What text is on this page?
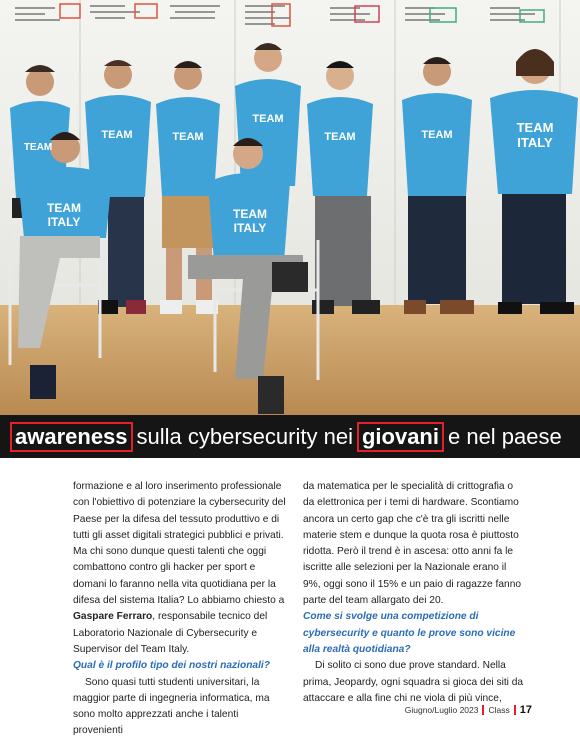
TEAM
TEAM	TEAM
TEAM
TEAM	TEAM	TEAM
ITALY
TEAM
ITALY
TEAM
ITALY
awareness sulla cybersecurity nei giovani e nel paese

formazione e al loro inserimento professionale con l'obiettivo di potenziare la cybersecurity del Paese per la difesa del tessuto produttivo e di tutti gli asset digitali strategici pubblici e privati. Ma chi sono dunque questi talenti che oggi combattono contro gli hacker per sport e domani lo faranno nella vita quotidiana per la difesa del sistema Italia? Lo abbiamo chiesto a Gaspare Ferraro, responsabile tecnico del Laboratorio Nazionale di Cybersecurity e Supervisor del Team Italy.

Qual è il profilo tipo dei nostri nazionali?

Sono quasi tutti studenti universitari, la maggior parte di ingegneria informatica, ma sono molto apprezzati anche i talenti provenienti

da matematica per le specialità di crittografia o da elettronica per i temi di hardware. Scontiamo ancora un certo gap che c'è tra gli iscritti nelle materie stem e dunque la quota rosa è piuttosto ridotta. Però il trend è in ascesa: otto anni fa le iscritte alle selezioni per la Nazionale erano il 9%, oggi sono il 15% e un paio di ragazze fanno parte del team allargato dei 20.

Come si svolge una competizione di cybersecurity e quanto le prove sono vicine alla realtà quotidiana?

Di solito ci sono due prove standard. Nella prima, Jeopardy, ogni squadra si gioca dei siti da attaccare e alla fine chi ne viola di più vince,

Giugno/Luglio 2023 Class 17
